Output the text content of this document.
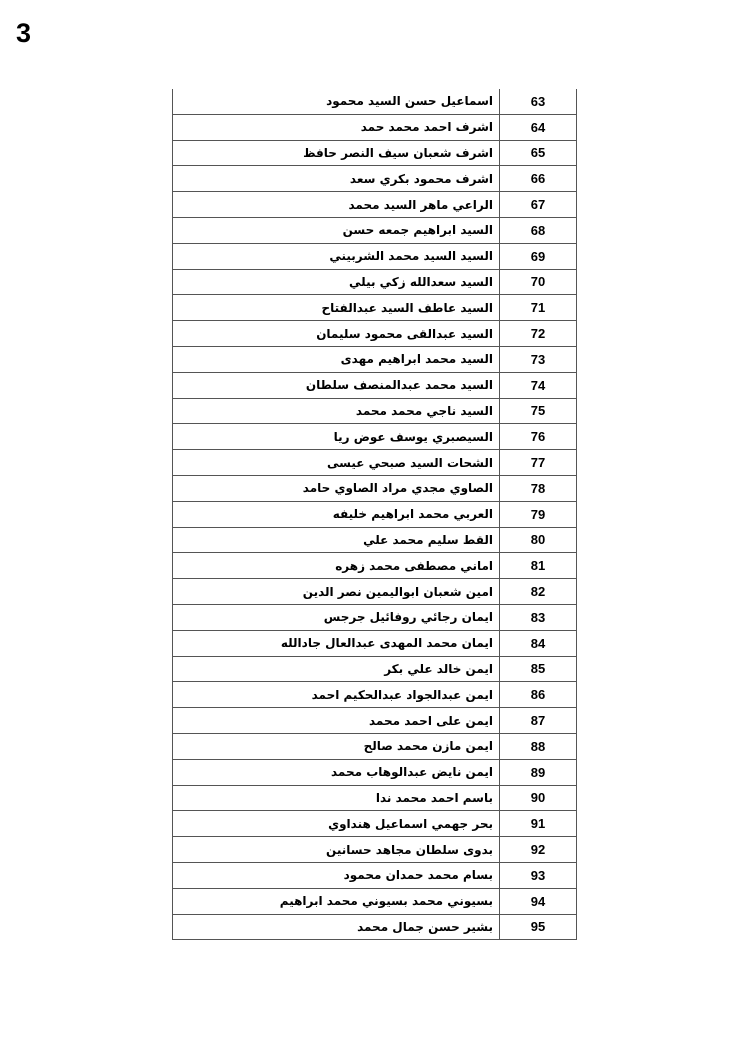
3
اسماعيل حسن السيد محمود	63
اشرف احمد محمد حمد	64
اشرف شعبان سيف النصر حافظ	65
اشرف محمود بكري سعد	66
الراعي ماهر السيد محمد	67
السيد ابراهيم جمعه حسن	68
السيد السيد محمد الشربيني	69
السيد سعدالله زكي بيلي	70
السيد عاطف السيد عبدالفتاح	71
السيد عبدالقى محمود سليمان	72
السيد محمد ابراهيم مهدى	73
السيد محمد عبدالمنصف سلطان	74
السيد ناجي محمد محمد	75
السيصبري يوسف عوض ريا	76
الشحات السيد صبحي عيسى	77
الصاوي مجدي مراد الصاوي حامد	78
العربي محمد ابراهيم خليفه	79
القط سليم محمد علي	80
اماني مصطفى محمد زهره	81
امين شعبان ابواليمين نصر الدين	82
ايمان رجائي روفائيل جرجس	83
ايمان محمد المهدى عبدالعال جادالله	84
ايمن خالد علي بكر	85
ايمن عبدالجواد عبدالحكيم احمد	86
ايمن على احمد محمد	87
ايمن مازن محمد صالح	88
ايمن نايض عبدالوهاب محمد	89
باسم احمد محمد ندا	90
بحر جهمي اسماعيل هنداوي	91
بدوى سلطان مجاهد حسانين	92
بسام محمد حمدان محمود	93
بسيوني محمد بسيوني محمد ابراهيم	94
بشير حسن جمال محمد	95
